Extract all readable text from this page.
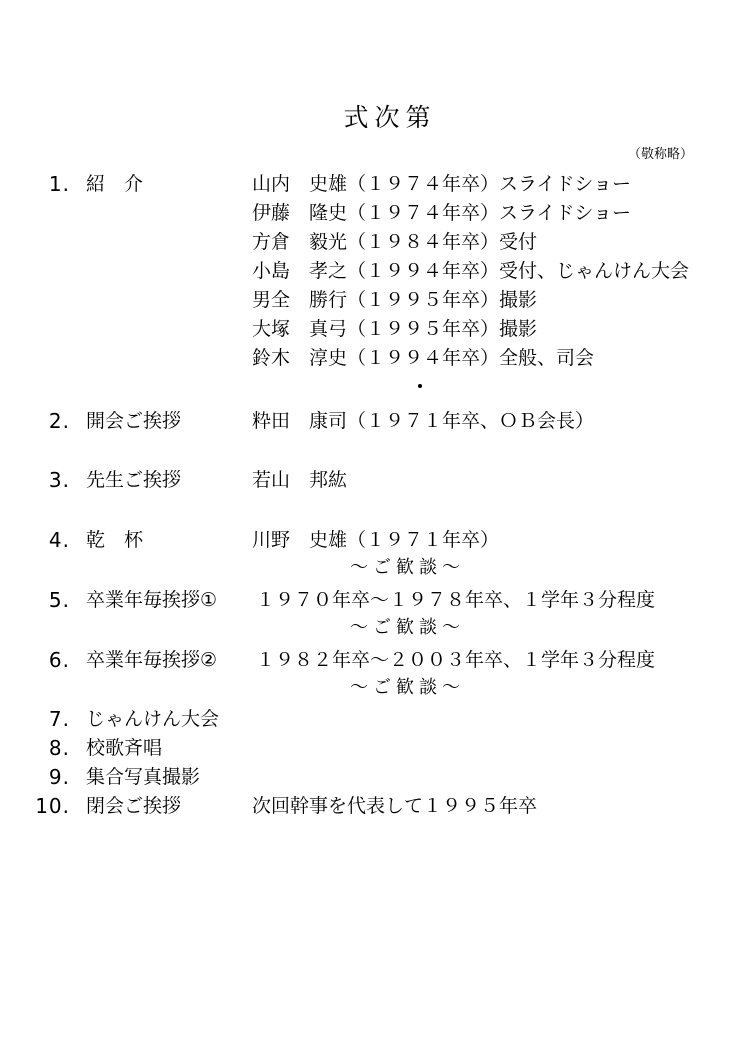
式次第
（敬称略）
1. 紹　介	山内　史雄（１９７４年卒）スライドショー
伊藤　隆史（１９７４年卒）スライドショー
方倉　毅光（１９８４年卒）受付
小島　孝之（１９９４年卒）受付、じゃんけん大会
男全　勝行（１９９５年卒）撮影
大塚　真弓（１９９５年卒）撮影
鈴木　淳史（１９９４年卒）全般、司会
2. 開会ご挨拶	粋田　康司（１９７１年卒、ＯＢ会長）
3. 先生ご挨拶	若山　邦紘
4. 乾　杯	川野　史雄（１９７１年卒）
～ご歓談～
5. 卒業年毎挨拶① １９７０年卒～１９７８年卒、１学年３分程度
～ご歓談～
6. 卒業年毎挨拶② １９８２年卒～２００３年卒、１学年３分程度
～ご歓談～
7. じゃんけん大会
8. 校歌斉唱
9. 集合写真撮影
10. 閉会ご挨拶	次回幹事を代表して１９９５年卒
